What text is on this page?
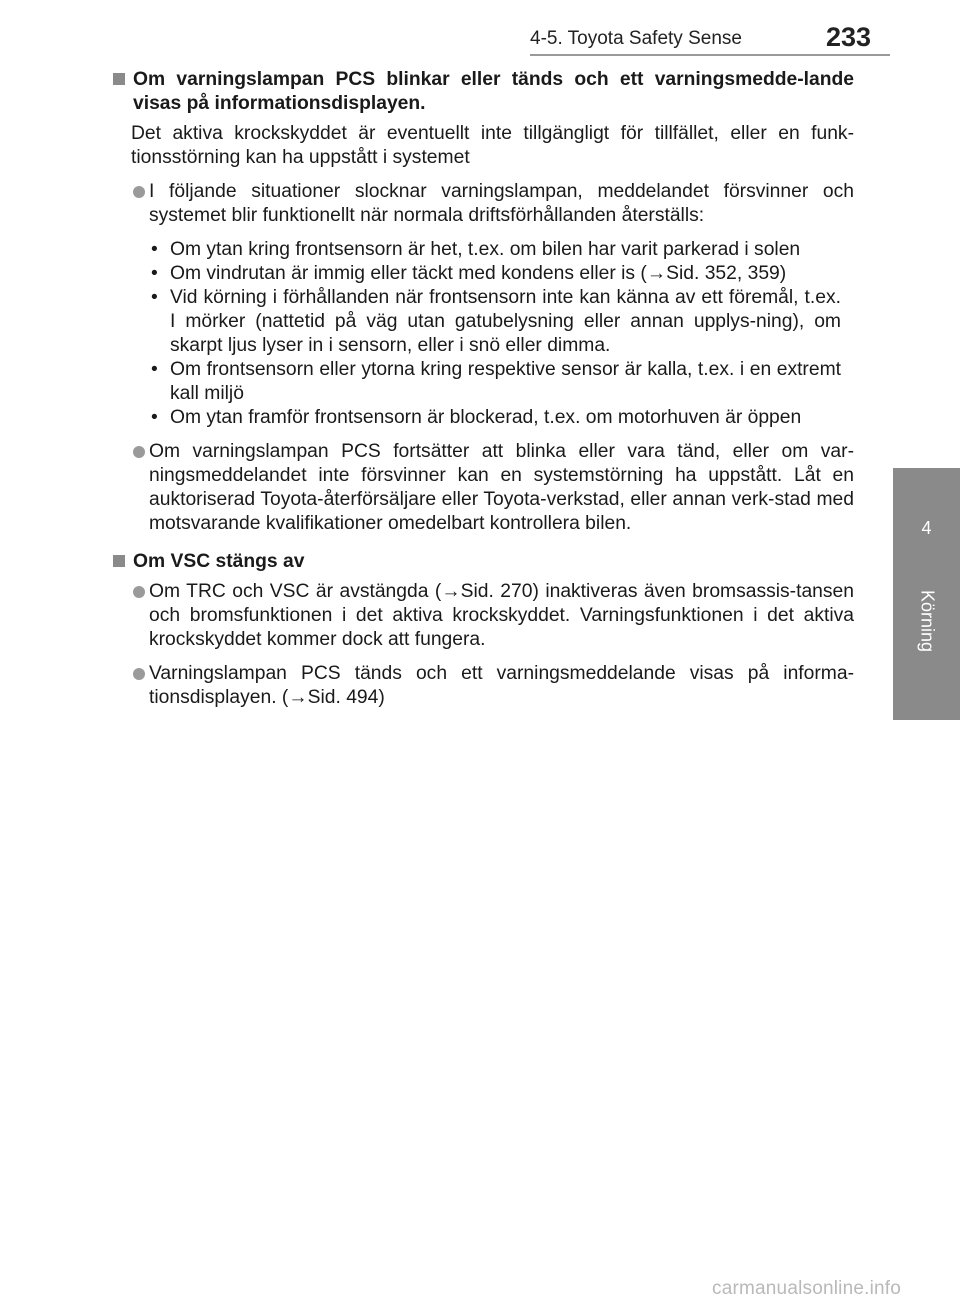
4-5. Toyota Safety Sense	233
4
Körning
Om varningslampan PCS blinkar eller tänds och ett varningsmedde-lande visas på informationsdisplayen.

Det aktiva krockskyddet är eventuellt inte tillgängligt för tillfället, eller en funk-tionsstörning kan ha uppstått i systemet

I följande situationer slocknar varningslampan, meddelandet försvinner och systemet blir funktionellt när normala driftsförhållanden återställs:
• Om ytan kring frontsensorn är het, t.ex. om bilen har varit parkerad i solen
• Om vindrutan är immig eller täckt med kondens eller is (→Sid. 352, 359)
• Vid körning i förhållanden när frontsensorn inte kan känna av ett föremål, t.ex. I mörker (nattetid på väg utan gatubelysning eller annan upplys-ning), om skarpt ljus lyser in i sensorn, eller i snö eller dimma.
• Om frontsensorn eller ytorna kring respektive sensor är kalla, t.ex. i en extremt kall miljö
• Om ytan framför frontsensorn är blockerad, t.ex. om motorhuven är öppen
Om varningslampan PCS fortsätter att blinka eller vara tänd, eller om var-ningsmeddelandet inte försvinner kan en systemstörning ha uppstått. Låt en auktoriserad Toyota-återförsäljare eller Toyota-verkstad, eller annan verk-stad med motsvarande kvalifikationer omedelbart kontrollera bilen.
Om VSC stängs av
Om TRC och VSC är avstängda (→Sid. 270) inaktiveras även bromsassis-tansen och bromsfunktionen i det aktiva krockskyddet. Varningsfunktionen i det aktiva krockskyddet kommer dock att fungera.
Varningslampan PCS tänds och ett varningsmeddelande visas på informa-tionsdisplayen. (→Sid. 494)
carmanualsonline.info
